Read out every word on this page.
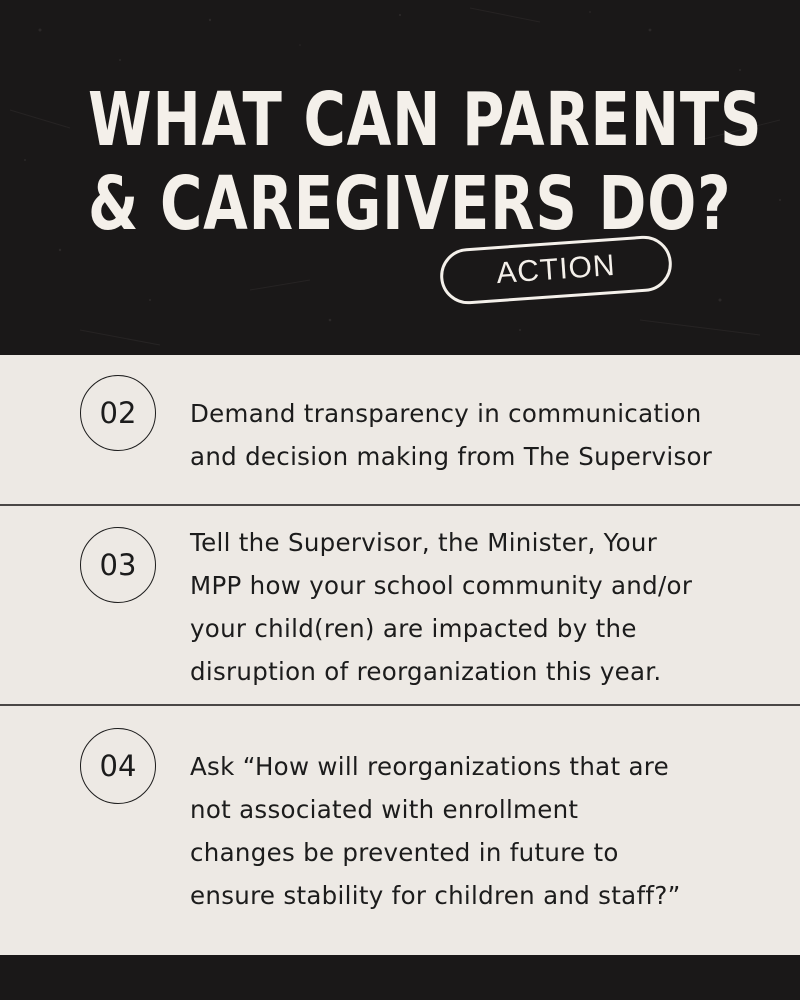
WHAT CAN PARENTS
& CAREGIVERS DO?
ACTION
02 Demand transparency in communication
and decision making from The Supervisor
03
Tell the Supervisor, the Minister, Your
MPP how your school community and/or
your child(ren) are impacted by the
disruption of reorganization this year.
04 Ask “How will reorganizations that are
not associated with enrollment
changes be prevented in future to
ensure stability for children and staff?”
